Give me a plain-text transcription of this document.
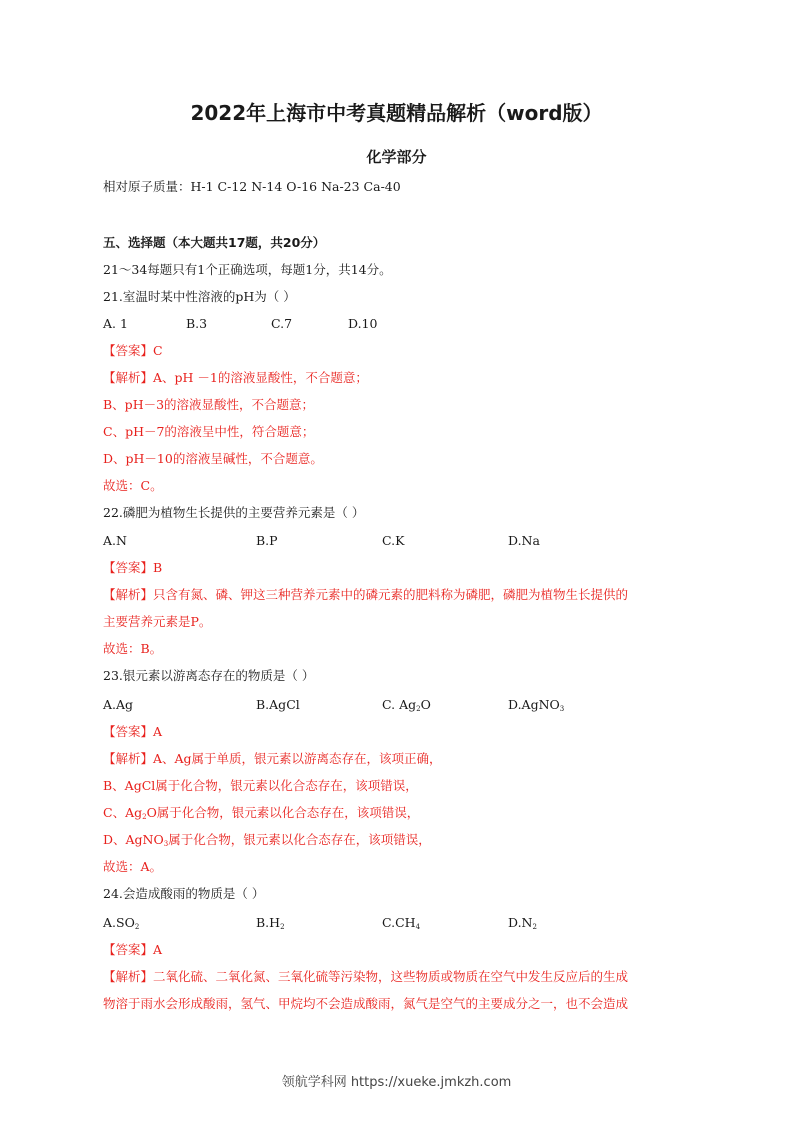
2022年上海市中考真题精品解析（word版）
化学部分
相对原子质量：H-1 C-12 N-14 O-16 Na-23 Ca-40
五、选择题（本大题共17题，共20分）
21～34每题只有1个正确选项，每题1分，共14分。
21.室温时某中性溶液的pH为（ ）
A. 1	B.3	C.7	D.10
【答案】C
【解析】A、pH －1的溶液显酸性，不合题意；
B、pH－3的溶液显酸性，不合题意；
C、pH－7的溶液呈中性，符合题意；
D、pH－10的溶液呈碱性，不合题意。
故选：C。
22.磷肥为植物生长提供的主要营养元素是（ ）
A.N	B.P	C.K	D.Na
【答案】B
【解析】只含有氮、磷、钾这三种营养元素中的磷元素的肥料称为磷肥，磷肥为植物生长提供的
主要营养元素是P。
故选：B。
23.银元素以游离态存在的物质是（ ）
A.Ag	B.AgCl	C. $Ag_2O$	D.AgNO$_3$
【答案】A
【解析】A、Ag属于单质，银元素以游离态存在，该项正确，
B、AgCl属于化合物，银元素以化合态存在，该项错误，
C、$Ag_2O$属于化合物，银元素以化合态存在，该项错误，
D、AgNO$_3$属于化合物，银元素以化合态存在，该项错误，
故选：A。
24.会造成酸雨的物质是（ ）
$A.SO_2$	$B.H_2$	$C.CH_4$	$D.N_2$
【答案】A
【解析】二氧化硫、二氧化氮、三氧化硫等污染物，这些物质或物质在空气中发生反应后的生成
物溶于雨水会形成酸雨，氢气、甲烷均不会造成酸雨，氮气是空气的主要成分之一，也不会造成
领航学科网 https://xueke.jmkzh.com
